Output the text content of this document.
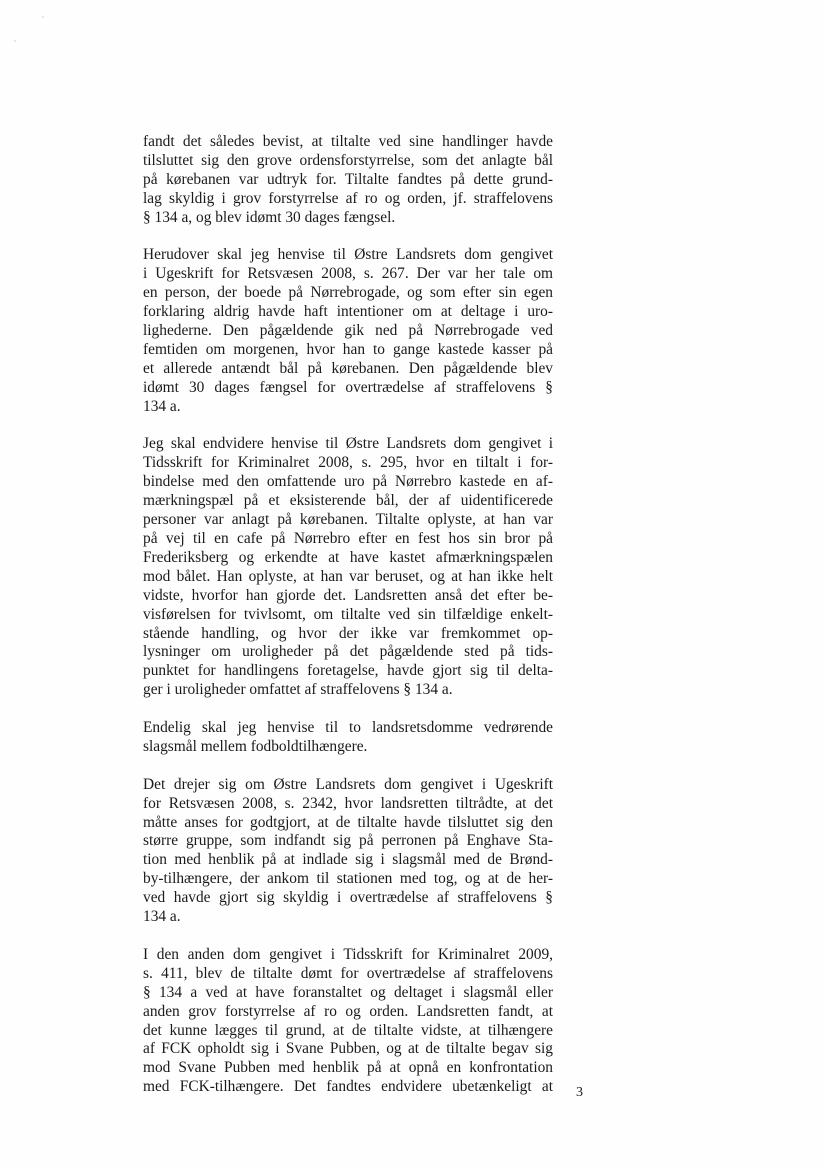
fandt det således bevist, at tiltalte ved sine handlinger havde
tilsluttet sig den grove ordensforstyrrelse, som det anlagte bål
på kørebanen var udtryk for. Tiltalte fandtes på dette grund-
lag skyldig i grov forstyrrelse af ro og orden, jf. straffelovens
§ 134 a, og blev idømt 30 dages fængsel.

Herudover skal jeg henvise til Østre Landsrets dom gengivet
i Ugeskrift for Retsvæsen 2008, s. 267. Der var her tale om
en person, der boede på Nørrebrogade, og som efter sin egen
forklaring aldrig havde haft intentioner om at deltage i uro-
lighederne. Den pågældende gik ned på Nørrebrogade ved
femtiden om morgenen, hvor han to gange kastede kasser på
et allerede antændt bål på kørebanen. Den pågældende blev
idømt 30 dages fængsel for overtrædelse af straffelovens §
134 a.

Jeg skal endvidere henvise til Østre Landsrets dom gengivet i
Tidsskrift for Kriminalret 2008, s. 295, hvor en tiltalt i for-
bindelse med den omfattende uro på Nørrebro kastede en af-
mærkningspæl på et eksisterende bål, der af uidentificerede
personer var anlagt på kørebanen. Tiltalte oplyste, at han var
på vej til en cafe på Nørrebro efter en fest hos sin bror på
Frederiksberg og erkendte at have kastet afmærkningspælen
mod bålet. Han oplyste, at han var beruset, og at han ikke helt
vidste, hvorfor han gjorde det. Landsretten anså det efter be-
visførelsen for tvivlsomt, om tiltalte ved sin tilfældige enkelt-
stående handling, og hvor der ikke var fremkommet op-
lysninger om uroligheder på det pågældende sted på tids-
punktet for handlingens foretagelse, havde gjort sig til delta-
ger i uroligheder omfattet af straffelovens § 134 a.

Endelig skal jeg henvise til to landsretsdomme vedrørende
slagsmål mellem fodboldtilhængere.

Det drejer sig om Østre Landsrets dom gengivet i Ugeskrift
for Retsvæsen 2008, s. 2342, hvor landsretten tiltrådte, at det
måtte anses for godtgjort, at de tiltalte havde tilsluttet sig den
større gruppe, som indfandt sig på perronen på Enghave Sta-
tion med henblik på at indlade sig i slagsmål med de Brønd-
by-tilhængere, der ankom til stationen med tog, og at de her-
ved havde gjort sig skyldig i overtrædelse af straffelovens §
134 a.

I den anden dom gengivet i Tidsskrift for Kriminalret 2009,
s. 411, blev de tiltalte dømt for overtrædelse af straffelovens
§ 134 a ved at have foranstaltet og deltaget i slagsmål eller
anden grov forstyrrelse af ro og orden. Landsretten fandt, at
det kunne lægges til grund, at de tiltalte vidste, at tilhængere
af FCK opholdt sig i Svane Pubben, og at de tiltalte begav sig
mod Svane Pubben med henblik på at opnå en konfrontation
med FCK-tilhængere. Det fandtes endvidere ubetænkeligt at 3
